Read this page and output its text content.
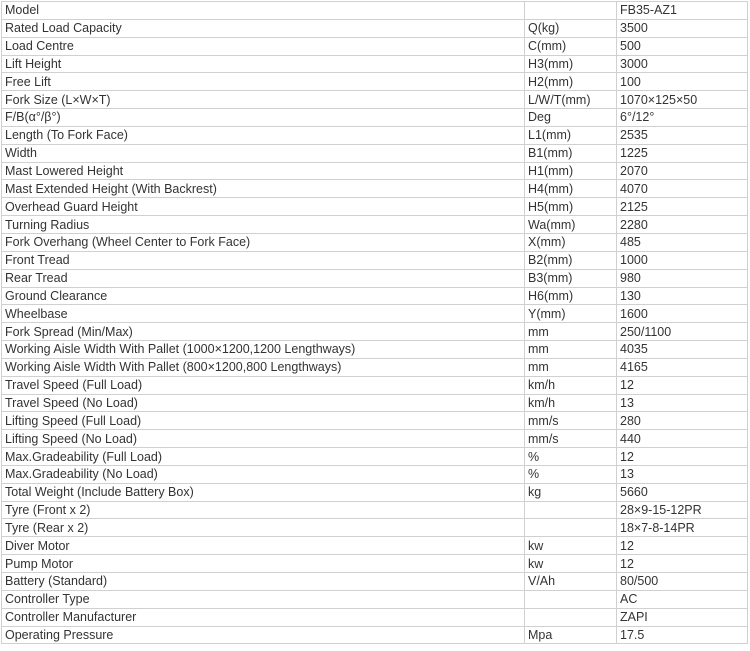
Model		FB35-AZ1
Rated Load Capacity	Q(kg)	3500
Load Centre	C(mm)	500
Lift Height	H3(mm)	3000
Free Lift	H2(mm)	100
Fork Size (L×W×T)	L/W/T(mm)	1070×125×50
F/B(α°/β°)	Deg	6°/12°
Length (To Fork Face)	L1(mm)	2535
Width	B1(mm)	1225
Mast Lowered Height	H1(mm)	2070
Mast Extended Height (With Backrest)	H4(mm)	4070
Overhead Guard Height	H5(mm)	2125
Turning Radius	Wa(mm)	2280
Fork Overhang (Wheel Center to Fork Face)	X(mm)	485
Front Tread	B2(mm)	1000
Rear Tread	B3(mm)	980
Ground Clearance	H6(mm)	130
Wheelbase	Y(mm)	1600
Fork Spread (Min/Max)	mm	250/1100
Working Aisle Width With Pallet (1000×1200,1200 Lengthways)	mm	4035
Working Aisle Width With Pallet (800×1200,800 Lengthways)	mm	4165
Travel Speed (Full Load)	km/h	12
Travel Speed (No Load)	km/h	13
Lifting Speed (Full Load)	mm/s	280
Lifting Speed (No Load)	mm/s	440
Max.Gradeability (Full Load)	%	12
Max.Gradeability (No Load)	%	13
Total Weight (Include Battery Box)	kg	5660
Tyre (Front x 2)		28×9-15-12PR
Tyre (Rear x 2)		18×7-8-14PR
Diver Motor	kw	12
Pump Motor	kw	12
Battery (Standard)	V/Ah	80/500
Controller Type		AC
Controller Manufacturer		ZAPI
Operating Pressure	Mpa	17.5
